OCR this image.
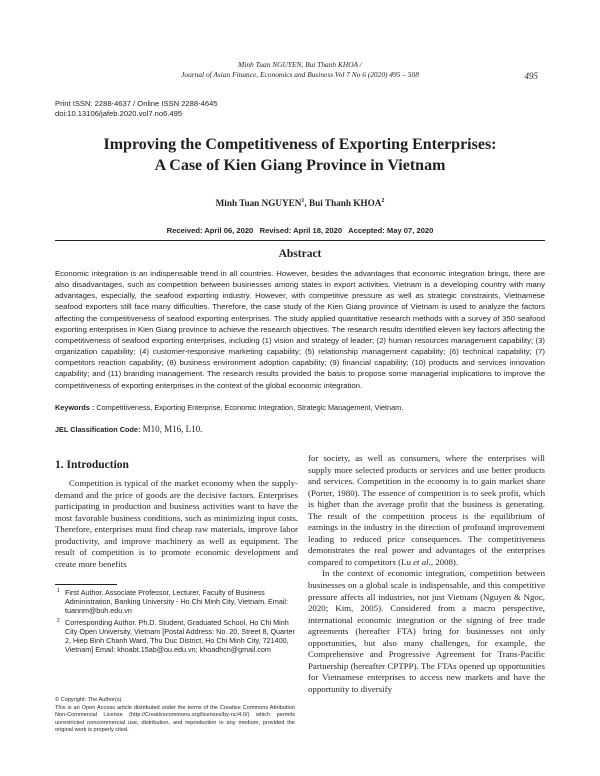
Minh Tuan NGUYEN, Bui Thanh KHOA /
Journal of Asian Finance, Economics and Business Vol 7 No 6 (2020) 495 – 508	495
Print ISSN: 2288-4637 / Online ISSN 2288-4645
doi:10.13106/jafeb.2020.vol7.no6.495
Improving the Competitiveness of Exporting Enterprises:
A Case of Kien Giang Province in Vietnam
Minh Tuan NGUYEN$^1$, Bui Thanh KHOA$^2$
Received: April 06, 2020   Revised: April 18, 2020   Accepted: May 07, 2020
Abstract
Economic integration is an indispensable trend in all countries. However, besides the advantages that economic integration brings, there are also disadvantages, such as competition between businesses among states in export activities. Vietnam is a developing country with many advantages, especially, the seafood exporting industry. However, with competitive pressure as well as strategic constraints, Vietnamese seafood exporters still face many difficulties. Therefore, the case study of the Kien Giang province of Vietnam is used to analyze the factors affecting the competitiveness of seafood exporting enterprises. The study applied quantitative research methods with a survey of 350 seafood exporting enterprises in Kien Giang province to achieve the research objectives. The research results identified eleven key factors affecting the competitiveness of seafood exporting enterprises, including (1) vision and strategy of leader; (2) human resources management capability; (3) organization capability; (4) customer-responsive marketing capability; (5) relationship management capability; (6) technical capability; (7) competitors reaction capability; (8) business environment adoption capability; (9) financial capability; (10) products and services innovation capability; and (11) branding management. The research results provided the basis to propose some managerial implications to improve the competitiveness of exporting enterprises in the context of the global economic integration.
Keywords : Competitiveness, Exporting Enterprise, Economic Integration, Strategic Management, Vietnam.
JEL Classification Code: M10, M16, L10.
1. Introduction

Competition is typical of the market economy when the supply-demand and the price of goods are the decisive factors. Enterprises participating in production and business activities want to have the most favorable business conditions, such as minimizing input costs. Therefore, enterprises must find cheap raw materials, improve labor productivity, and improve machinery as well as equipment. The result of competition is to promote economic development and create more benefits

for society, as well as consumers, where the enterprises will supply more selected products or services and use better products and services. Competition in the economy is to gain market share (Porter, 1980). The essence of competition is to seek profit, which is higher than the average profit that the business is generating. The result of the competition process is the equilibrium of earnings in the industry in the direction of profound improvement leading to reduced price consequences. The competitiveness demonstrates the real power and advantages of the enterprises compared to competitors (Lu et al., 2008).

In the context of economic integration, competition between businesses on a global scale is indispensable, and this competitive pressure affects all industries, not just Vietnam (Nguyen & Ngoc, 2020; Kim, 2005). Considered from a macro perspective, international economic integration or the signing of free trade agreements (hereafter FTA) bring for businesses not only opportunities, but also many challenges, for example, the Comprehensive and Progressive Agreement for Trans-Pacific Partnership (hereafter CPTPP). The FTAs opened up opportunities for Vietnamese enterprises to access new markets and have the opportunity to diversify

1 First Author. Associate Professor, Lecturer, Faculty of Business Administration, Banking University - Ho Chi Minh City, Vietnam. Email: tuannm@buh.edu.vn

2 Corresponding Author. Ph.D. Student, Graduated School, Ho Chi Minh City Open University, Vietnam [Postal Address: No. 20, Street 8, Quarter 2, Hiep Binh Chanh Ward, Thu Duc District, Ho Chi Minh City, 721400, Vietnam] Email: khoabt.15ab@ou.edu.vn; khoadhcn@gmail.com

© Copyright: The Author(s)
This is an Open Access article distributed under the terms of the Creative Commons Attribution Non-Commercial License (http://Creativecommons.org/licenses/by-nc/4.0/) which permits unrestricted noncommercial use, distribution, and reproduction in any medium, provided the original work is properly cited.
